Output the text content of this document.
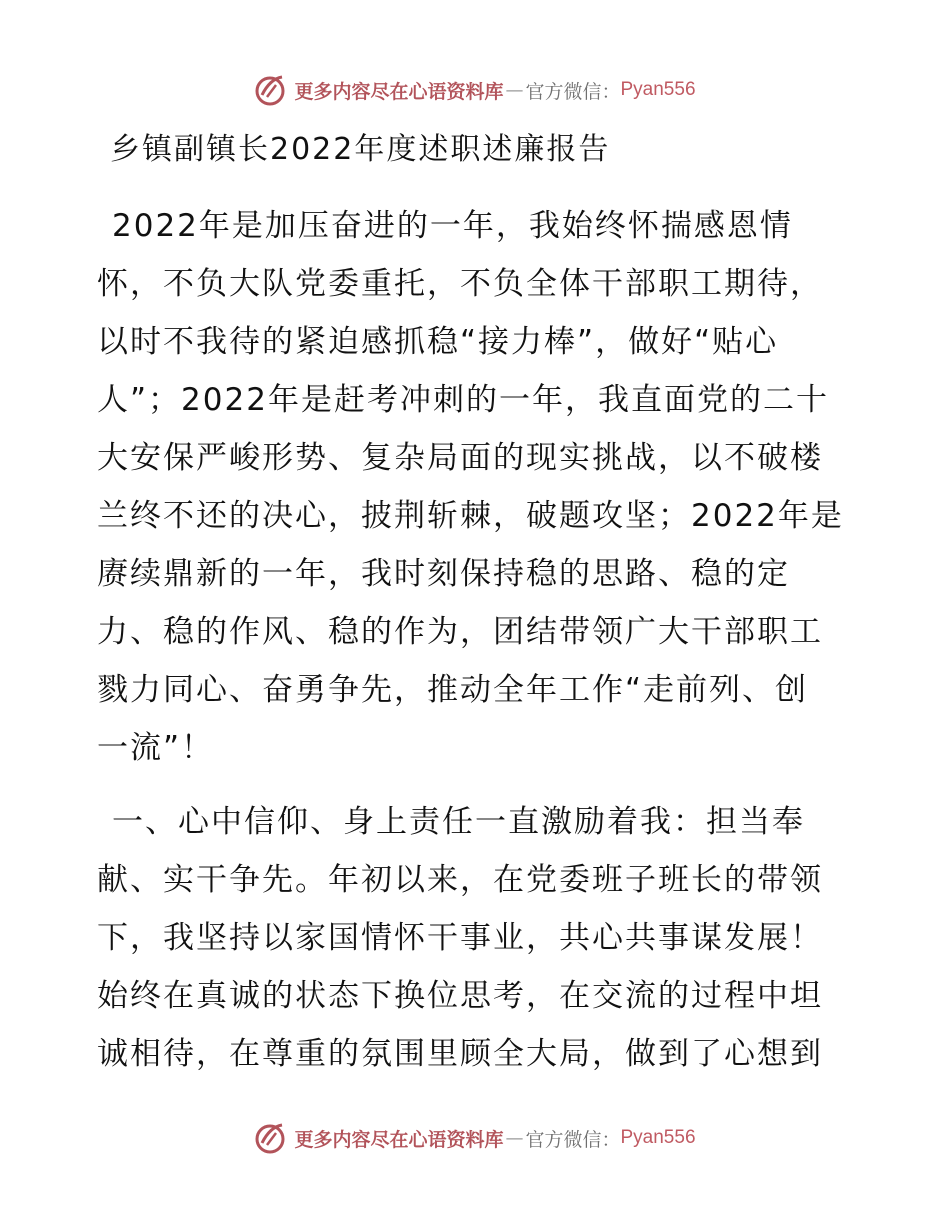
更多内容尽在心语资料库 — 官方微信： Pyan556
乡镇副镇长2022年度述职述廉报告
2022年是加压奋进的一年，我始终怀揣感恩情
怀，不负大队党委重托，不负全体干部职工期待，
以时不我待的紧迫感抓稳“接力棒”，做好“贴心
人”；2022年是赶考冲刺的一年，我直面党的二十
大安保严峻形势、复杂局面的现实挑战，以不破楼
兰终不还的决心，披荆斩棘，破题攻坚；2022年是
赓续鼎新的一年，我时刻保持稳的思路、稳的定
力、稳的作风、稳的作为，团结带领广大干部职工
戮力同心、奋勇争先，推动全年工作“走前列、创
一流”！
一、心中信仰、身上责任一直激励着我：担当奉
献、实干争先。年初以来，在党委班子班长的带领
下，我坚持以家国情怀干事业，共心共事谋发展！
始终在真诚的状态下换位思考，在交流的过程中坦
诚相待，在尊重的氛围里顾全大局，做到了心想到
更多内容尽在心语资料库 — 官方微信： Pyan556
